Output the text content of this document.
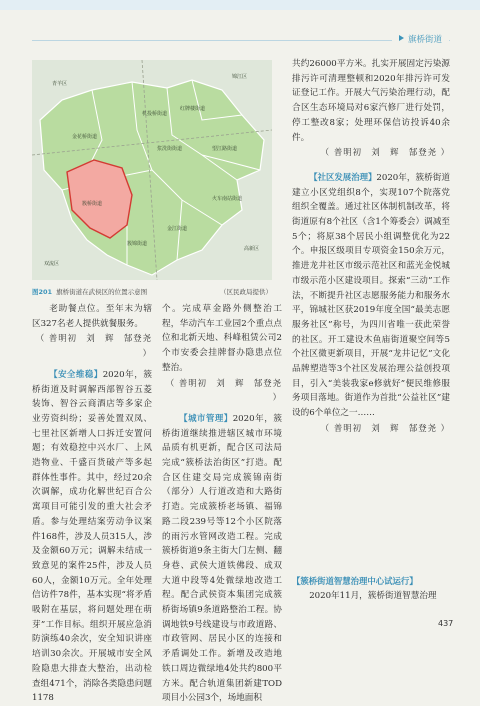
旗桥街道
金花桥街道
簇桥街道
机投桥街道
红牌楼街道
望江路街道
浆洗街街道
火车南站街道
簇锦街道
金江街道
锦江区
青羊区
高新区
双流区
图201 旗桥街道在武侯区的位置示意图	（区民政局提供）

共约26000平方米。扎实开展固定污染源排污许可清理整顿和2020年排污许可发证登记工作。开展大气污染治理行动，配合区生态环境局对6家汽修厂进行处罚，停工整改8家；处理环保信访投诉40余件。

（ 普明初　刘　辉　郜登尧 ）

【社区发展治理】2020年，簇桥街道建立小区党组织8个，实现107个院落党组织全覆盖。通过社区体制机制改革，将街道原有8个社区（含1个筹委会）调减至5个；将原38个居民小组调整优化为22个。申报区级项目专项资金150余万元，推进龙井社区市级示范社区和蓝光金悦城市级示范小区建设项目。探索“三动”工作法，不断提升社区志愿服务能力和服务水平，锦城社区获2019年度全国“最美志愿服务社区”称号，为四川省唯一获此荣誉的社区。开工建设木鱼庙街道聚空间等5个社区微更新项目，开展“龙井记忆”文化品牌塑造等3个社区发展治理公益创投项目，引入“美装我家e修就好”便民维修服务项目落地。街道作为首批“公益社区”建设的6个单位之一……

（ 普明初　刘　辉　郜登尧 ）

老助餐点位。至年末为辖区327名老人提供就餐服务。

（ 普明初　刘　辉　郜登尧 ）

【安全维稳】2020年，簇桥街道及时调解西部智谷五菱装饰、智谷云商酒店等多家企业劳资纠纷；妥善处置双凤、七里社区新增人口拆迁安置问题；有效稳控中兴水厂、上风造物业、千盛百货破产等多起群体性事件。其中，经过20余次调解，成功化解世纪百合公寓项目可能引发的重大社会矛盾。参与处理结案劳动争议案件168件，涉及人员315人，涉及金额60万元；调解未结成一致意见的案件25件，涉及人员60人，金额10万元。全年处理信访件78件，基本实现“将矛盾吸附在基层，将问题处理在萌芽”工作目标。组织开展应急消防演练40余次，安全知识讲座培训30余次。开展城市安全风险隐患大排查大整治，出动检查组471个，消除各类隐患问题1178

个。完成草金路外侧整治工程，华动汽车工业园2个重点点位和北新天地、科峰租赁公司2个市安委会挂牌督办隐患点位整治。

（ 普明初　刘　辉　郜登尧 ）

【城市管理】2020年，簇桥街道继续推进辖区城市环境品质有机更新，配合区司法局完成“簇桥法治街区”打造。配合区住建交局完成簇锦南街（部分）人行道改造和大路街打造。完成簇桥老场镇、福锦路二段239号等12个小区院落的雨污水管网改造工程。完成簇桥街道9条主街大门左侧、翻身巷、武侯大道铁佛段、成双大道中段等4处微绿地改造工程。配合武侯资本集团完成簇桥街场镇9条道路整治工程。协调地铁9号线建设与市政道路、市政管网、居民小区的连接和矛盾调处工作。新增及改造地铁口周边微绿地4处共约800平方米。配合轨道集团新建TOD项目小公园3个，场地面积

【簇桥街道智慧治理中心试运行】

2020年11月，簇桥街道智慧治理

437
